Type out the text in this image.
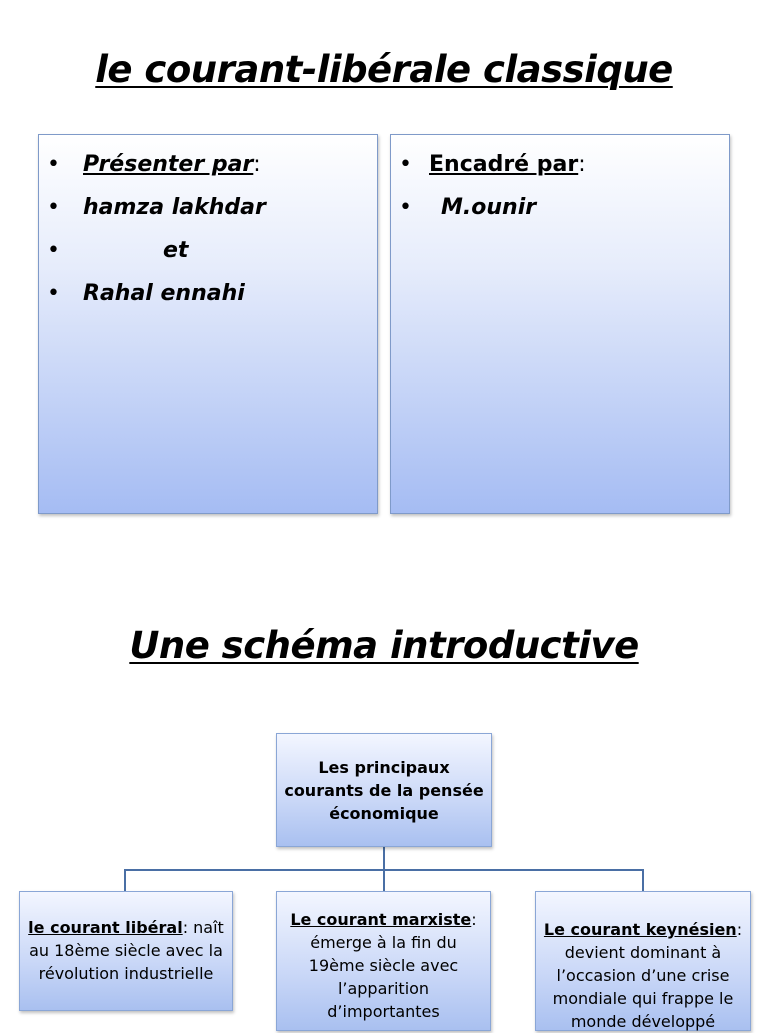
le courant-libérale classique
• Présenter par:
• hamza lakhdar
•	et
• Rahal ennahi
• Encadré par:
• M.ounir
Une schéma introductive
Les principaux courants de la pensée économique
le courant libéral: naît au 18ème siècle avec la révolution industrielle
Le courant marxiste: émerge à la fin du 19ème siècle avec l’apparition d’importantes
Le courant keynésien: devient dominant à l’occasion d’une crise mondiale qui frappe le monde développé
